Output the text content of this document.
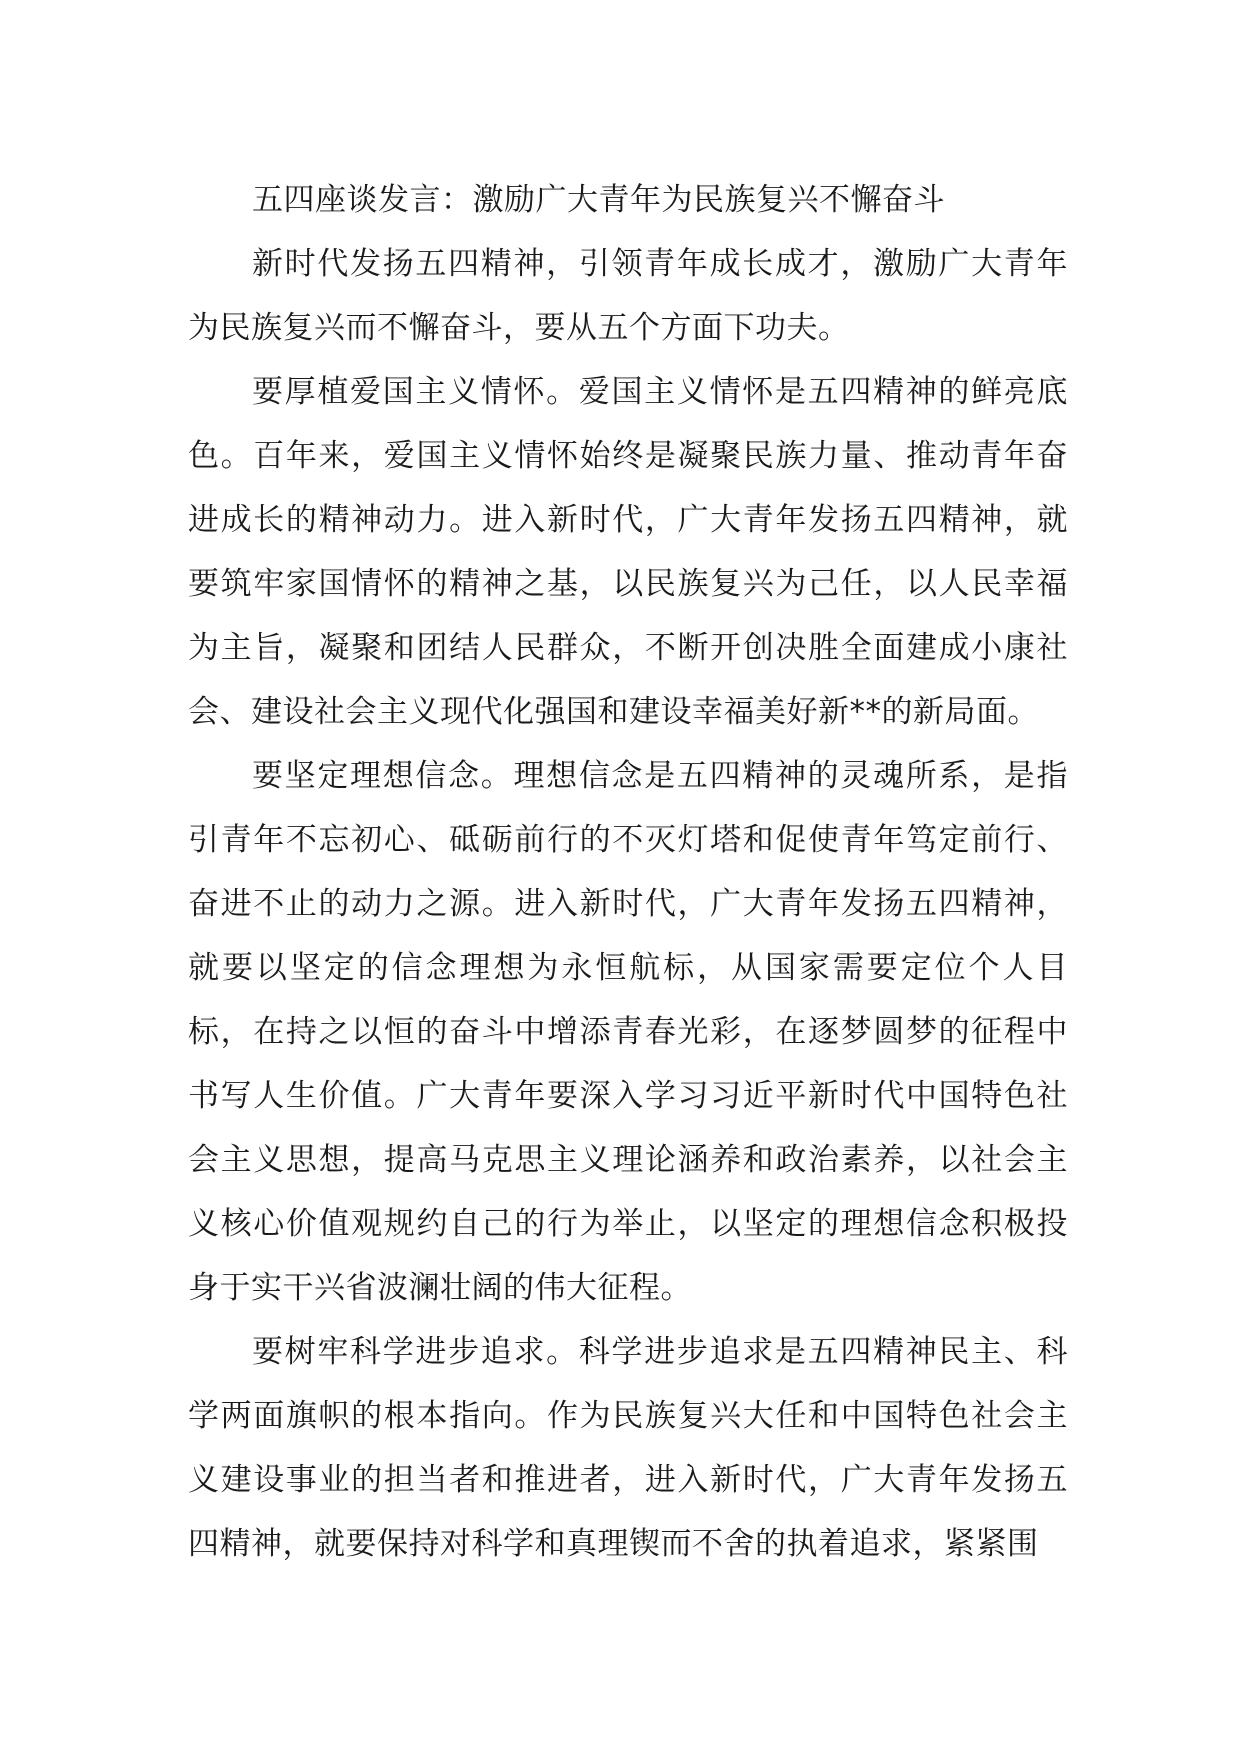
五四座谈发言：激励广大青年为民族复兴不懈奋斗

新时代发扬五四精神，引领青年成长成才，激励广大青年为民族复兴而不懈奋斗，要从五个方面下功夫。

要厚植爱国主义情怀。爱国主义情怀是五四精神的鲜亮底色。百年来，爱国主义情怀始终是凝聚民族力量、推动青年奋进成长的精神动力。进入新时代，广大青年发扬五四精神，就要筑牢家国情怀的精神之基，以民族复兴为己任，以人民幸福为主旨，凝聚和团结人民群众，不断开创决胜全面建成小康社会、建设社会主义现代化强国和建设幸福美好新**的新局面。

要坚定理想信念。理想信念是五四精神的灵魂所系，是指引青年不忘初心、砥砺前行的不灭灯塔和促使青年笃定前行、奋进不止的动力之源。进入新时代，广大青年发扬五四精神，就要以坚定的信念理想为永恒航标，从国家需要定位个人目标，在持之以恒的奋斗中增添青春光彩，在逐梦圆梦的征程中书写人生价值。广大青年要深入学习习近平新时代中国特色社会主义思想，提高马克思主义理论涵养和政治素养，以社会主义核心价值观规约自己的行为举止，以坚定的理想信念积极投身于实干兴省波澜壮阔的伟大征程。

要树牢科学进步追求。科学进步追求是五四精神民主、科学两面旗帜的根本指向。作为民族复兴大任和中国特色社会主义建设事业的担当者和推进者，进入新时代，广大青年发扬五四精神，就要保持对科学和真理锲而不舍的执着追求，紧紧围
